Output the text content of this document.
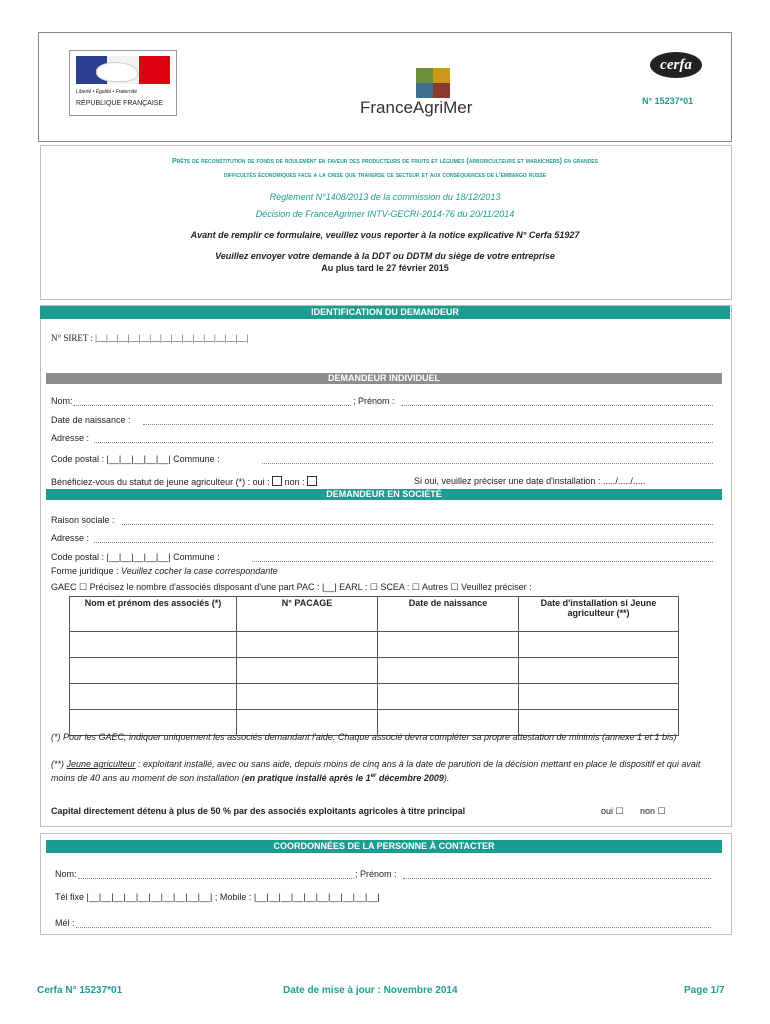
Liberté • Égalité • Fraternité
RÉPUBLIQUE FRANÇAISE	FranceAgriMer
cerfa
N° 15237*01
Prêts de reconstitution de fonds de roulement en faveur des producteurs de fruits et légumes (arboriculteurs et maraîchers) en grandes
difficultés économiques face a la crise que traverse ce secteur et aux conséquences de l'embargo russe
Règlement N°1408/2013 de la commission du 18/12/2013
Décision de FranceAgrimer INTV-GECRI-2014-76 du 20/11/2014
Avant de remplir ce formulaire, veuillez vous reporter à la notice explicative N° Cerfa 51927
Veuillez envoyer votre demande à la DDT ou DDTM du siège de votre entreprise
Au plus tard le 27 février 2015
IDENTIFICATION DU DEMANDEUR
N° SIRET : |__|__|__|__|__|__|__|__|__|__|__|__|__|__|
DEMANDEUR INDIVIDUEL
Nom:	; Prénom :
Date de naissance :
Adresse :
Code postal : |__|__|__|__|__| Commune :
Bénéficiez-vous du statut de jeune agriculteur (*) : oui : non :	Si oui, veuillez préciser une date d'installation : ...../...../.....
DEMANDEUR EN SOCIÉTÉ
Raison sociale :
Adresse :
Code postal : |__|__|__|__|__| Commune :
Forme juridique : Veuillez cocher la case correspondante
GAEC ☐ Précisez le nombre d'associés disposant d'une part PAC : |__| EARL : ☐ SCEA : ☐ Autres ☐ Veuillez préciser :
Nom et prénom des associés (*)	N° PACAGE	Date de naissance	Date d'installation si Jeune agriculteur (**)

(*) Pour les GAEC, indiquer uniquement les associés demandant l'aide. Chaque associé devra compléter sa propre attestation de minimis (annexe 1 et 1 bis)
(**) Jeune agriculteur : exploitant installé, avec ou sans aide, depuis moins de cinq ans à la date de parution de la décision mettant en place le dispositif et qui avait moins de 40 ans au moment de son installation (en pratique installé après le 1er décembre 2009).
Capital directement détenu à plus de 50 % par des associés exploitants agricoles à titre principal	oui ☐ non ☐
COORDONNÉES DE LA PERSONNE À CONTACTER
Nom:	; Prénom :
Tél fixe |__|__|__|__|__|__|__|__|__|__| ; Mobile : |__|__|__|__|__|__|__|__|__|__|
Mél :
Cerfa N° 15237*01	Date de mise à jour : Novembre 2014	Page 1/7
